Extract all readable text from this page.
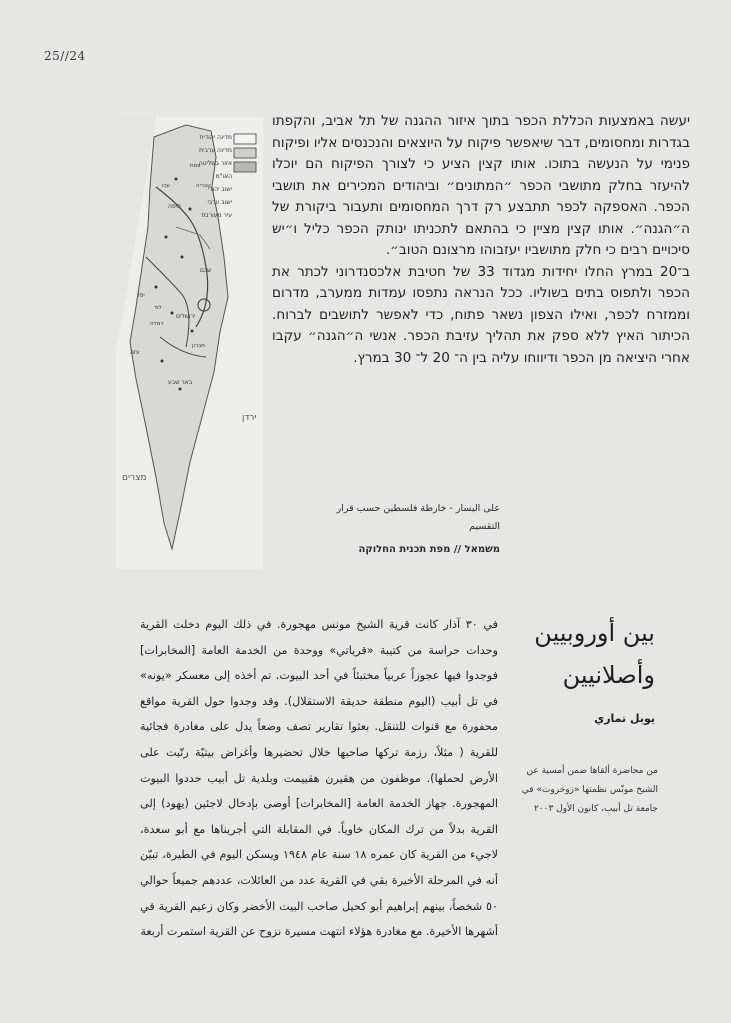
25//24
מדינה יהודית
מדינה ערבית
אזור בשליטה
האו"מ
ישוב יהודי
ישוב ערבי
עיר מעורבת
חיפה
שכם
יפו
ירושלים
באר שבע
עזה
מצרים
ירדן
לוד
רמלה
חברון
עכו	טבריה
צפת

יעשה באמצעות הכללת הכפר בתוך איזור ההגנה של תל אביב, והקפתו בגדרות ומחסומים, דבר שיאפשר פיקוח על היוצאים והנכנסים אליו ופיקוח פנימי על הנעשה בתוכו. אותו קצין הציע כי לצורך הפיקוח הם יוכלו להיעזר בחלק מתושבי הכפר ״המתונים״ וביהודים המכירים את תושבי הכפר. האספקה לכפר תתבצע רק דרך המחסומים ותעבור ביקורת של ה״הגנה״. אותו קצין מציין כי בהתאם לתכניתו ינותק הכפר כליל ו״יש סיכויים רבים כי חלק מתושביו יעזבוהו מרצונם הטוב״.

ב־20 במרץ החלו יחידות מגדוד 33 של חטיבת אלכסנדרוני לכתר את הכפר ולתפוס בתים בשוליו. ככל הנראה נתפסו עמדות ממערב, מדרום וממזרח לכפר, ואילו הצפון נשאר פתוח, כדי לאפשר לתושבים לברוח. הכיתור האיץ ללא ספק את תהליך עזיבת הכפר. אנשי ה״הגנה״ עקבו אחרי היציאה מן הכפר ודיווחו עליה בין ה־ 20 ל־ 30 במרץ.

على اليسار - خارطة فلسطين حسب قرار التقسيم
משמאל // מפת תכנית החלוקה
بين أوروبيين
وأصلانيين
يوبل تماري
من محاضرة ألقاها ضمن أمسية عن الشيخ مونّس نظمتها «زوخروت» في جامعة تل أبيب، كانون الأول ٢٠٠٣

في ٣٠ آذار كانت قرية الشيخ مونس مهجورة. في ذلك اليوم دخلت القرية وحدات حراسة من كتيبة «قرياتي» ووحدة من الخدمة العامة [المخابرات] فوجدوا فيها عجوزاً عربياً مختبئاً في أحد البيوت. تم أخذه إلى معسكر «يونه» في تل أبيب (اليوم منطقة حديقة الاستقلال). وقد وجدوا حول القرية مواقع محفورة مع قنوات للتنقل. بعثوا تقارير تصف وضعاً يدل على مغادرة فجائية للقرية ( مثلاً، رزمة تركها صاحبها خلال تحضيرها وأغراض بيتيّة رتّبت على الأرض لحملها). موظفون من هقيرن هقييمت وبلدية تل أبيب حددوا البيوت المهجورة. جهاز الخدمة العامة [المخابرات] أوصى بإدخال لاجئين (يهود) إلى القرية بدلاً من ترك المكان خاوياً. في المقابلة التي أجريناها مع أبو سعدة، لاجيء من القرية كان عمره ١٨ سنة عام ١٩٤٨ ويسكن اليوم في الطيرة، تبيّن أنه في المرحلة الأخيرة بقي في القرية عدد من العائلات، عددهم جميعاً حوالي ٥٠ شخصاً، بينهم إبراهيم أبو كحيل صاحب البيت الأخضر وكان زعيم القرية في أشهرها الأخيرة. مع مغادرة هؤلاء انتهت مسيرة نزوح عن القرية استمرت أربعة
